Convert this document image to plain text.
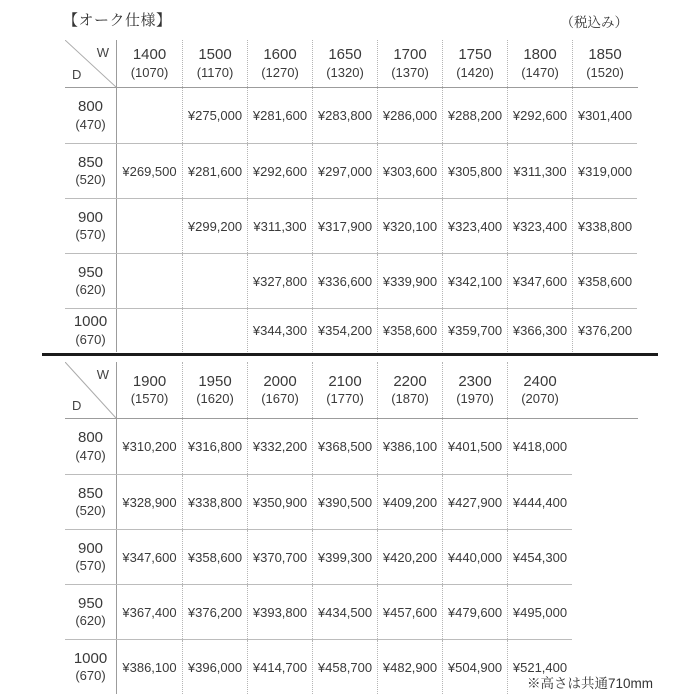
【オーク仕様】	（税込み）
W
D
1400
(1070)
1500
(1170)
1600
(1270)
1650
(1320)
1700
(1370)
1750
(1420)
1800
(1470)
1850
(1520)
800
(470)
¥275,000 ¥281,600 ¥283,800 ¥286,000 ¥288,200 ¥292,600 ¥301,400
850
(520)
¥269,500 ¥281,600 ¥292,600 ¥297,000 ¥303,600 ¥305,800 ¥311,300 ¥319,000
900
(570)
¥299,200 ¥311,300 ¥317,900 ¥320,100 ¥323,400 ¥323,400 ¥338,800
950
(620)
¥327,800 ¥336,600 ¥339,900 ¥342,100 ¥347,600 ¥358,600
1000
(670)
¥344,300 ¥354,200 ¥358,600 ¥359,700 ¥366,300 ¥376,200
W
D
1900
(1570)
1950
(1620)
2000
(1670)
2100
(1770)
2200
(1870)
2300
(1970)
2400
(2070)
800
(470)
¥310,200 ¥316,800 ¥332,200 ¥368,500 ¥386,100 ¥401,500 ¥418,000
850
(520)
¥328,900 ¥338,800 ¥350,900 ¥390,500 ¥409,200 ¥427,900 ¥444,400
900
(570)
¥347,600 ¥358,600 ¥370,700 ¥399,300 ¥420,200 ¥440,000 ¥454,300
950
(620)
¥367,400 ¥376,200 ¥393,800 ¥434,500 ¥457,600 ¥479,600 ¥495,000
1000
(670)
¥386,100 ¥396,000 ¥414,700 ¥458,700 ¥482,900 ¥504,900 ¥521,400
※高さは共通710mm
